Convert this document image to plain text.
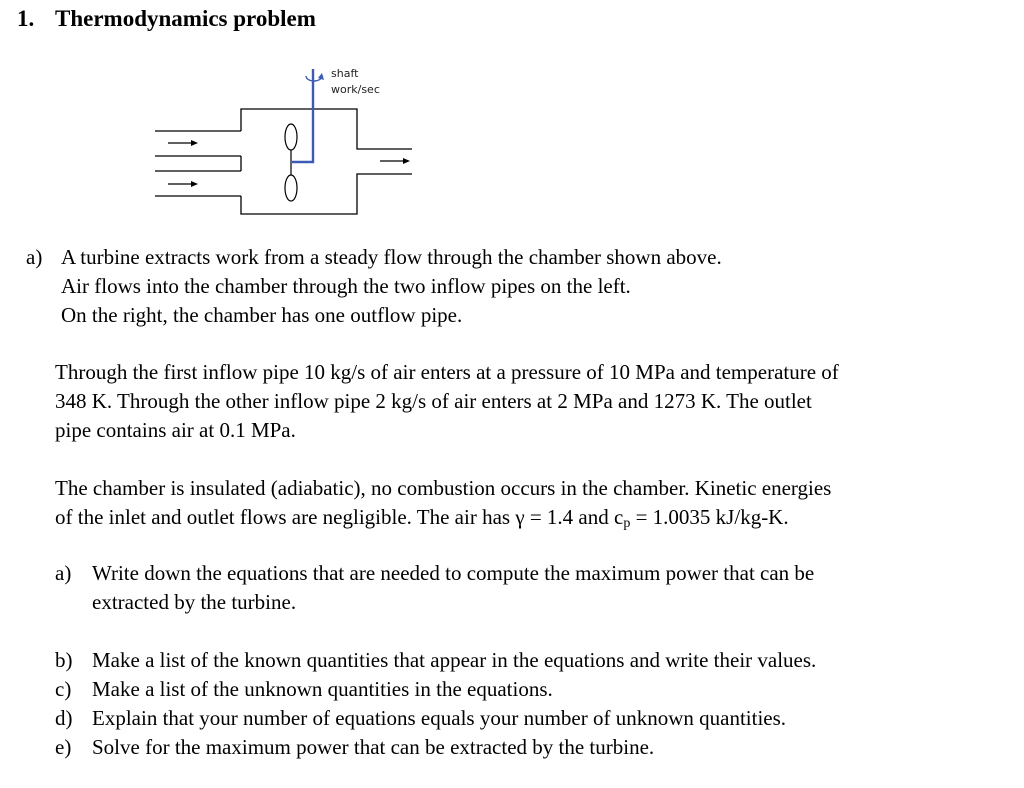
1. Thermodynamics problem
shaft
work/sec
a) A turbine extracts work from a steady flow through the chamber shown above.
Air flows into the chamber through the two inflow pipes on the left.
On the right, the chamber has one outflow pipe.
Through the first inflow pipe 10 kg/s of air enters at a pressure of 10 MPa and temperature of
348 K. Through the other inflow pipe 2 kg/s of air enters at 2 MPa and 1273 K. The outlet
pipe contains air at 0.1 MPa.
The chamber is insulated (adiabatic), no combustion occurs in the chamber. Kinetic energies
of the inlet and outlet flows are negligible. The air has γ = 1.4 and $c_p = 1.0035$ kJ/kg-K.
a) Write down the equations that are needed to compute the maximum power that can be
extracted by the turbine.
b) Make a list of the known quantities that appear in the equations and write their values.
c) Make a list of the unknown quantities in the equations.
d) Explain that your number of equations equals your number of unknown quantities.
e) Solve for the maximum power that can be extracted by the turbine.
